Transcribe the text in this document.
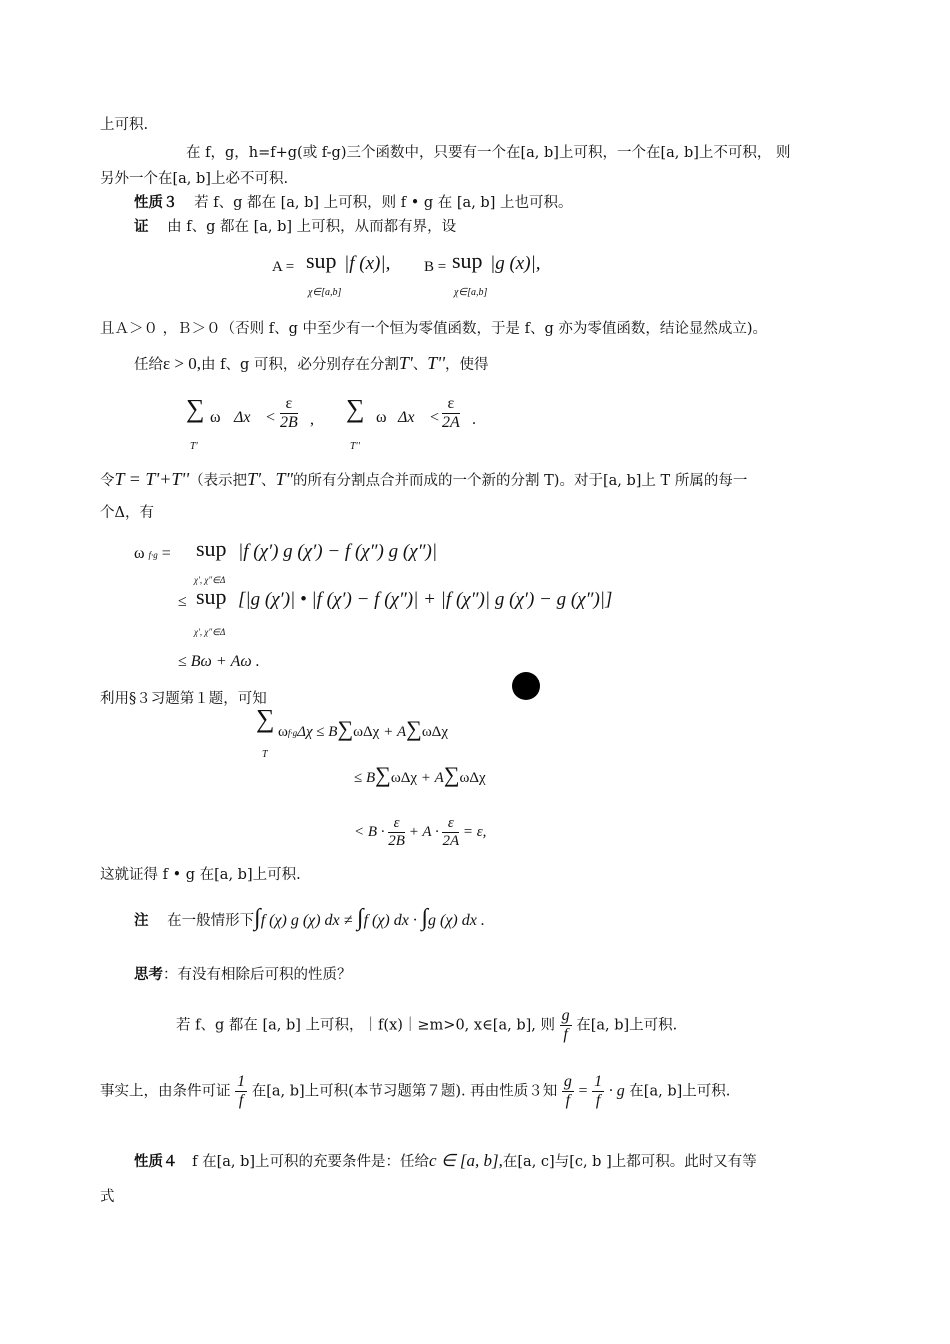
上可积.
在 f，g，h=f+g(或 f-g)三个函数中，只要有一个在[a, b]上可积，一个在[a, b]上不可积， 则
另外一个在[a, b]上必不可积.
性质３ 若 f、g 都在 [a, b] 上可积，则 f • g 在 [a, b] 上也可积。
证 由 f、g 都在 [a, b] 上可积，从而都有界，设
A = sup |f (x)|, B = sup |g (x)|,
χ∈[a,b]	χ∈[a,b]
且Ａ＞０ ，Ｂ＞０（否则 f、g 中至少有一个恒为零值函数，于是 f、g 亦为零值函数，结论显然成立)。
任给ε > 0,由 f、g 可积，必分别存在分割T'、T''，使得
∑ ω $\Delta x < \frac{\varepsilon}{2B}$ ,
T'
∑ ω $\Delta x < \frac{\varepsilon}{2A}$ .
T''
令T = T'+T''（表示把T′、T″的所有分割点合并而成的一个新的分割 T)。对于[a, b]上 T 所属的每一
个Δ，有
ω f·g = sup |f (χ′) g (χ′) − f (χ″) g (χ″)|
χ′, χ″∈Δ
≤ sup [|g (χ′)| • |f (χ′) − f (χ″)| + |f (χ″)| g (χ′) − g (χ″)|]
χ′, χ″∈Δ
≤ Bω + Aω .
利用§３习题第１题，可知
∑ ωf·gΔχ ≤ B∑ωΔχ + A∑ωΔχ
T
≤ B∑ωΔχ + A∑ωΔχ
< $B \cdot \frac{\varepsilon}{2B} + A \cdot \frac{\varepsilon}{2A} = \varepsilon$,
这就证得 f • g 在[a, b]上可积.
注 在一般情形下∫f (χ) g (χ) dx ≠ ∫f (χ) dx · ∫g (χ) dx .
思考：有没有相除后可积的性质？
若 f、g 都在 [a, b] 上可积，｜f(x)｜≥m>0, x∈[a, b], 则 $\frac{g}{f}$ 在[a, b]上可积.
事实上，由条件可证 $\frac{1}{f}$ 在[a, b]上可积(本节习题第７题). 再由性质３知 $\frac{g}{f} = \frac{1}{f} \cdot g$ 在[a, b]上可积.
性质４ f 在[a, b]上可积的充要条件是：任给c ∈ [a, b],在[a, c]与[c, b ]上都可积。此时又有等
式
